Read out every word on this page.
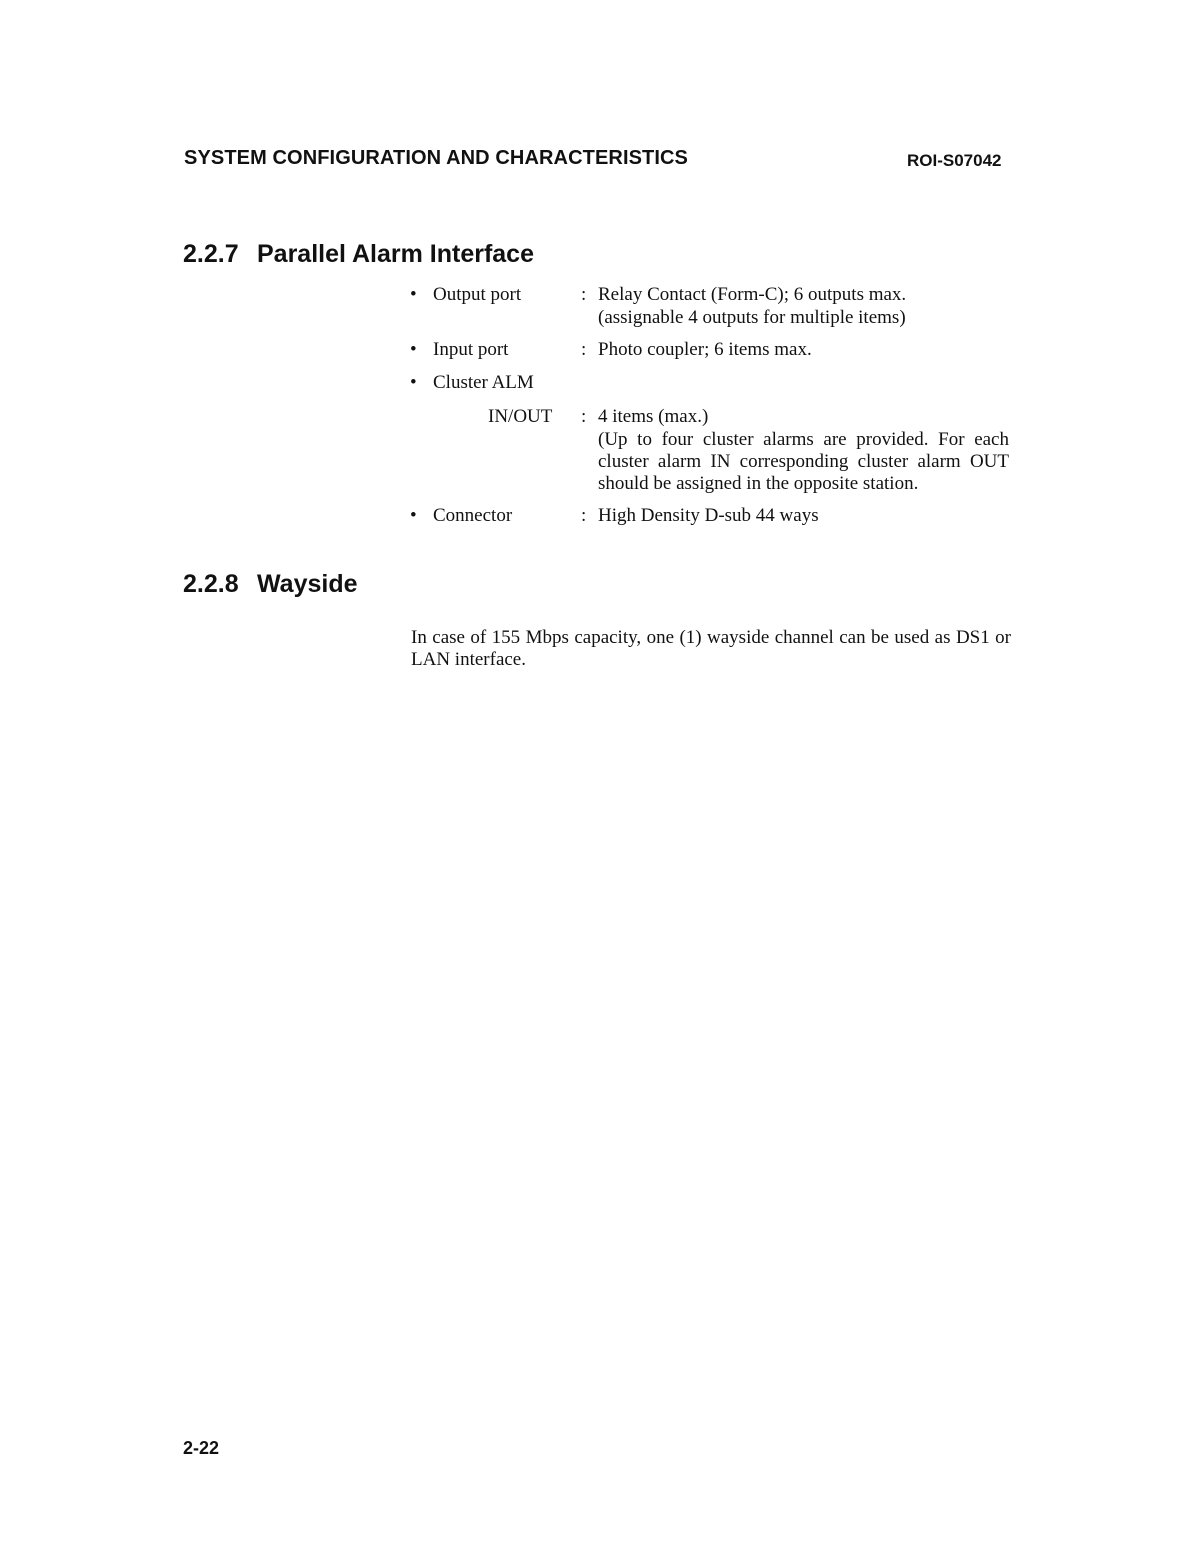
SYSTEM CONFIGURATION AND CHARACTERISTICS	ROI-S07042
2.2.7 Parallel Alarm Interface
• Output port	: Relay Contact (Form-C); 6 outputs max.
(assignable 4 outputs for multiple items)
• Input port	: Photo coupler; 6 items max.
• Cluster ALM
IN/OUT : 4 items (max.)
(Up to four cluster alarms are provided. For each cluster alarm IN corresponding cluster alarm OUT should be assigned in the opposite station.
• Connector	: High Density D-sub 44 ways
2.2.8 Wayside
In case of 155 Mbps capacity, one (1) wayside channel can be used as DS1 or LAN interface.
2-22
